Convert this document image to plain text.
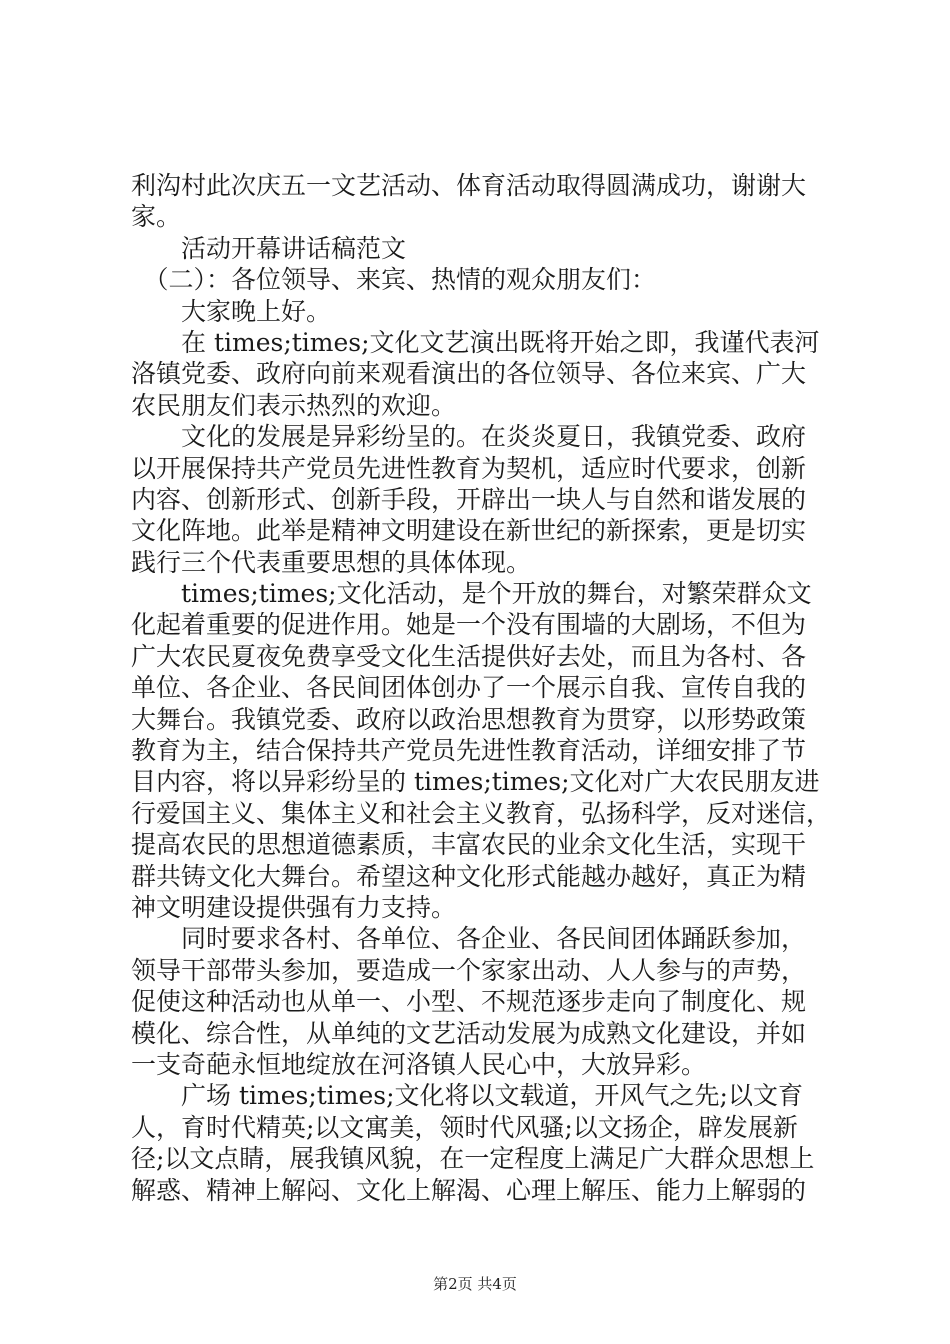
利沟村此次庆五一文艺活动、体育活动取得圆满成功，谢谢大
家。
　　活动开幕讲话稿范文
　（二）：各位领导、来宾、热情的观众朋友们：
　　大家晚上好。
　　在 times;times;文化文艺演出既将开始之即，我谨代表河
洛镇党委、政府向前来观看演出的各位领导、各位来宾、广大
农民朋友们表示热烈的欢迎。
　　文化的发展是异彩纷呈的。在炎炎夏日，我镇党委、政府
以开展保持共产党员先进性教育为契机，适应时代要求，创新
内容、创新形式、创新手段，开辟出一块人与自然和谐发展的
文化阵地。此举是精神文明建设在新世纪的新探索，更是切实
践行三个代表重要思想的具体体现。
　　times;times;文化活动，是个开放的舞台，对繁荣群众文
化起着重要的促进作用。她是一个没有围墙的大剧场，不但为
广大农民夏夜免费享受文化生活提供好去处，而且为各村、各
单位、各企业、各民间团体创办了一个展示自我、宣传自我的
大舞台。我镇党委、政府以政治思想教育为贯穿，以形势政策
教育为主，结合保持共产党员先进性教育活动，详细安排了节
目内容，将以异彩纷呈的 times;times;文化对广大农民朋友进
行爱国主义、集体主义和社会主义教育，弘扬科学，反对迷信，
提高农民的思想道德素质，丰富农民的业余文化生活，实现干
群共铸文化大舞台。希望这种文化形式能越办越好，真正为精
神文明建设提供强有力支持。
　　同时要求各村、各单位、各企业、各民间团体踊跃参加，
领导干部带头参加，要造成一个家家出动、人人参与的声势，
促使这种活动也从单一、小型、不规范逐步走向了制度化、规
模化、综合性，从单纯的文艺活动发展为成熟文化建设，并如
一支奇葩永恒地绽放在河洛镇人民心中，大放异彩。
　　广场 times;times;文化将以文载道，开风气之先;以文育
人，育时代精英;以文寓美，领时代风骚;以文扬企，辟发展新
径;以文点睛，展我镇风貌，在一定程度上满足广大群众思想上
解惑、精神上解闷、文化上解渴、心理上解压、能力上解弱的
第2页 共4页
